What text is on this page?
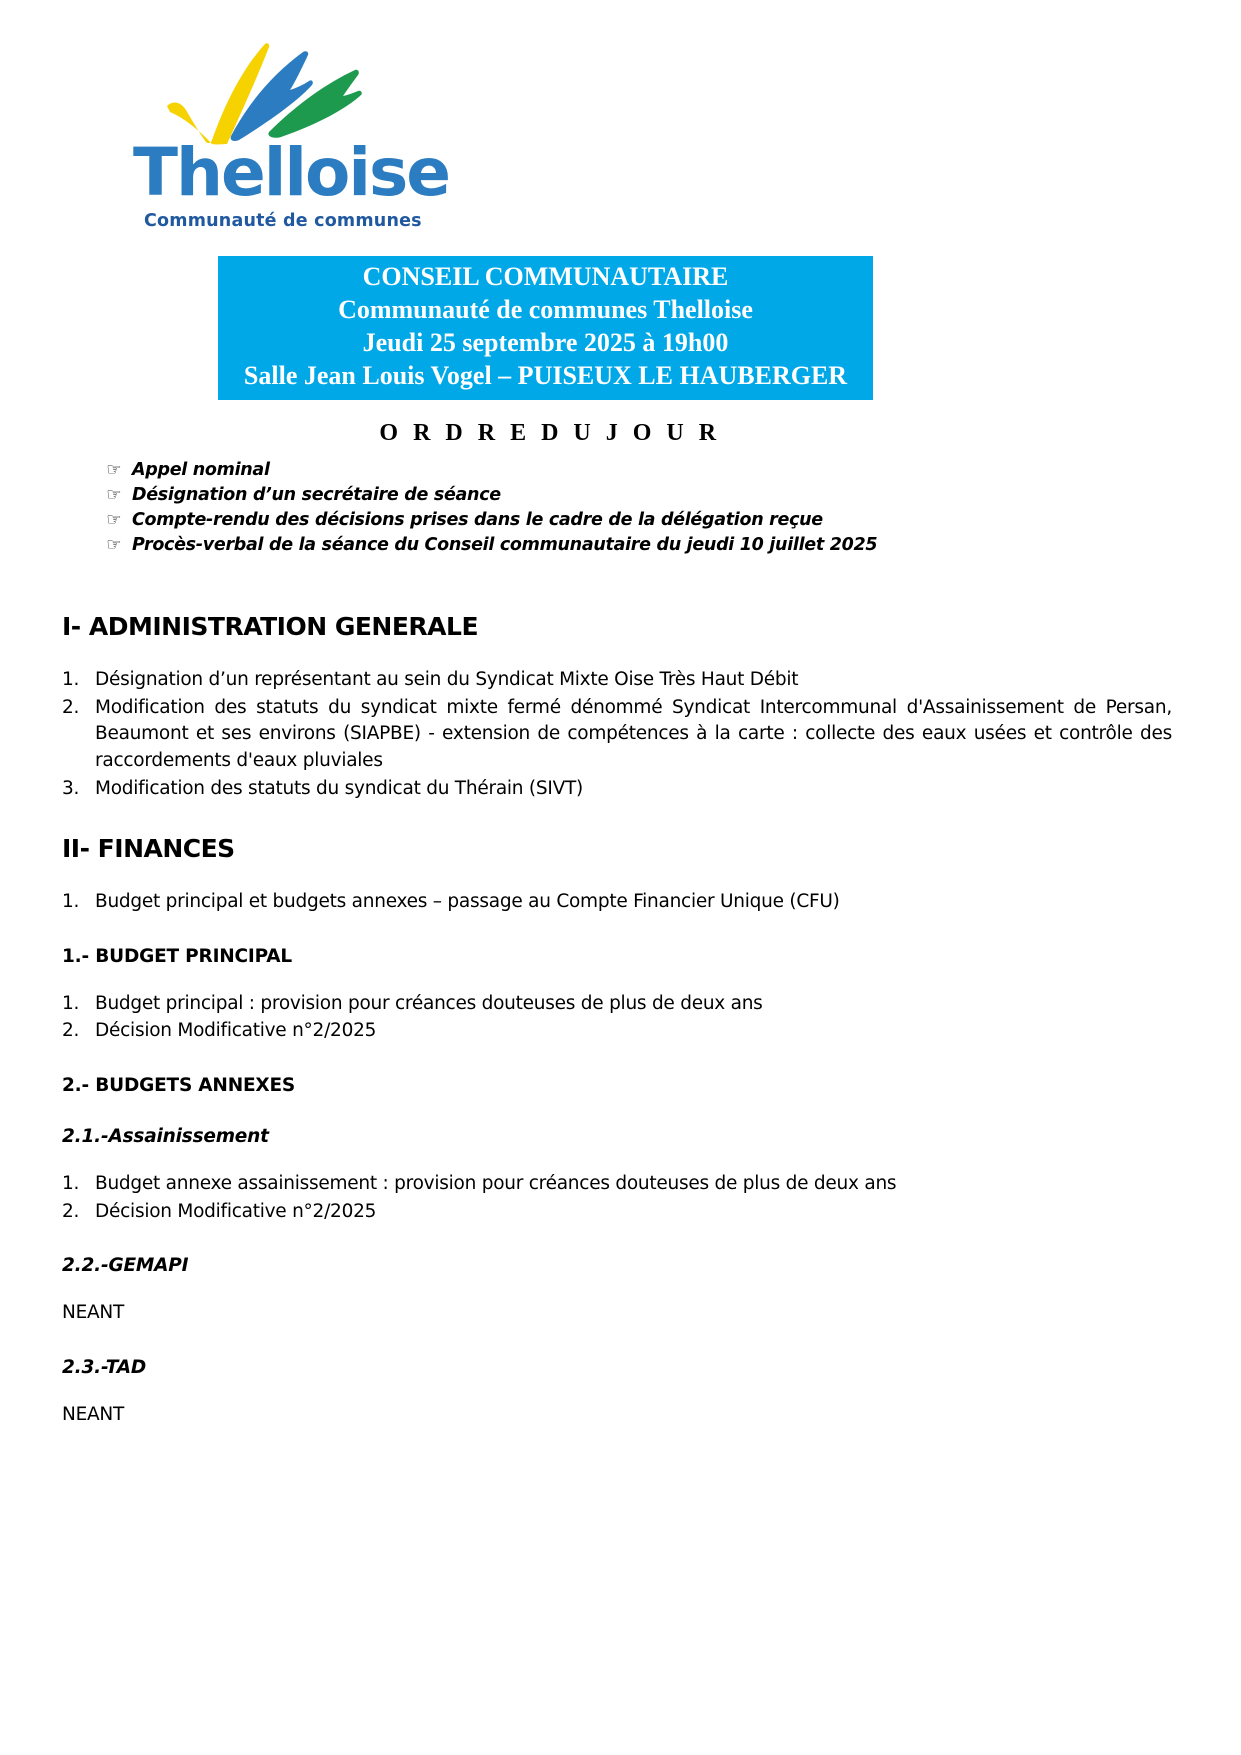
Thelloise
Communauté de communes
CONSEIL COMMUNAUTAIRE
Communauté de communes Thelloise
Jeudi 25 septembre 2025 à 19h00
Salle Jean Louis Vogel – PUISEUX LE HAUBERGER
O R D R E D U J O U R
☜ Appel nominal
☜ Désignation d’un secrétaire de séance
☜ Compte-rendu des décisions prises dans le cadre de la délégation reçue
☜ Procès-verbal de la séance du Conseil communautaire du jeudi 10 juillet 2025
I- ADMINISTRATION GENERALE
Désignation d’un représentant au sein du Syndicat Mixte Oise Très Haut Débit
Modification des statuts du syndicat mixte fermé dénommé Syndicat Intercommunal d'Assainissement de Persan, Beaumont et ses environs (SIAPBE) - extension de compétences à la carte : collecte des eaux usées et contrôle des raccordements d'eaux pluviales
Modification des statuts du syndicat du Thérain (SIVT)
II- FINANCES
Budget principal et budgets annexes – passage au Compte Financier Unique (CFU)
1.- BUDGET PRINCIPAL
Budget principal : provision pour créances douteuses de plus de deux ans
Décision Modificative n°2/2025
2.- BUDGETS ANNEXES
2.1.-Assainissement
Budget annexe assainissement : provision pour créances douteuses de plus de deux ans
Décision Modificative n°2/2025
2.2.-GEMAPI

NEANT

2.3.-TAD

NEANT
